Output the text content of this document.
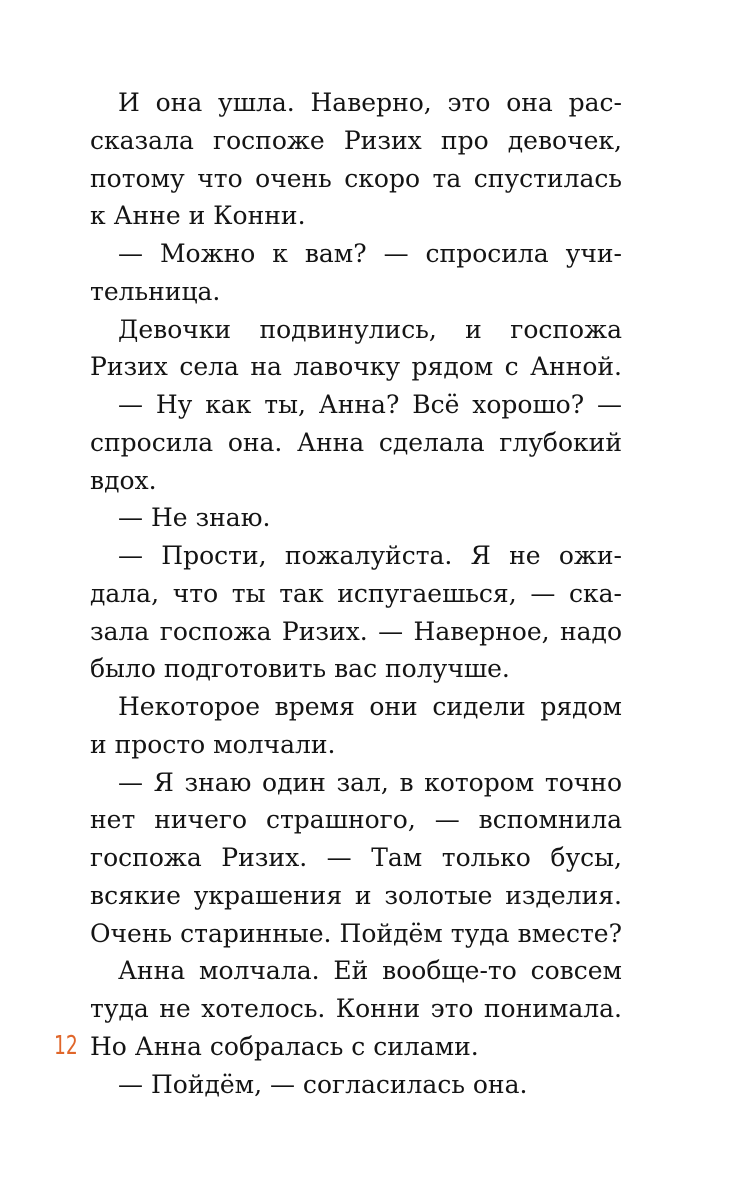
И она ушла. Наверно, это она рас-
сказала госпоже Ризих про девочек,
потому что очень скоро та спустилась
к Анне и Конни.
— Можно к вам? — спросила учи-
тельница.
Девочки подвинулись, и госпожа
Ризих села на лавочку рядом с Анной.
— Ну как ты, Анна? Всё хорошо? —
спросила она. Анна сделала глубокий
вдох.
— Не знаю.
— Прости, пожалуйста. Я не ожи-
дала, что ты так испугаешься, — ска-
зала госпожа Ризих. — Наверное, надо
было подготовить вас получше.
Некоторое время они сидели рядом
и просто молчали.
— Я знаю один зал, в котором точно
нет ничего страшного, — вспомнила
госпожа Ризих. — Там только бусы,
всякие украшения и золотые изделия.
Очень старинные. Пойдём туда вместе?
Анна молчала. Ей вообще-то совсем
туда не хотелось. Конни это понимала.
Но Анна собралась с силами.
— Пойдём, — согласилась она.
12
